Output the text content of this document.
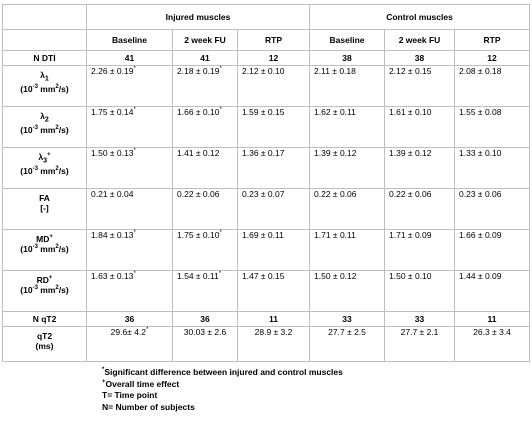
	Injured muscles			Control muscles		
	Baseline	2 week FU	RTP	Baseline	2 week FU	RTP
N DTI	41	41	12	38	38	12
$\lambda_1$
($10^{-3}$ $mm^2/s$)	2.26 ± 0.19*	2.18 ± 0.19*	2.12 ± 0.10	2.11 ± 0.18	2.12 ± 0.15	2.08 ± 0.18
$\lambda_2$
($10^{-3}$ $mm^2/s$)	1.75 ± 0.14*	1.66 ± 0.10*	1.59 ± 0.15	1.62 ± 0.11	1.61 ± 0.10	1.55 ± 0.08
$\lambda_3^+$
($10^{-3}$ $mm^2/s$)	1.50 ± 0.13*	1.41 ± 0.12	1.36 ± 0.17	1.39 ± 0.12	1.39 ± 0.12	1.33 ± 0.10
FA
[-]	0.21 ± 0.04	0.22 ± 0.06	0.23 ± 0.07	0.22 ± 0.06	0.22 ± 0.06	0.23 ± 0.06
MD+
($10^{-3}$ $mm^2/s$)	1.84 ± 0.13*	1.75 ± 0.10*	1.69 ± 0.11	1.71 ± 0.11	1.71 ± 0.09	1.66 ± 0.09
RD+
($10^{-3}$ $mm^2/s$)	1.63 ± 0.13*	1.54 ± 0.11*	1.47 ± 0.15	1.50 ± 0.12	1.50 ± 0.10	1.44 ± 0.09
N qT2	36	36	11	33	33	11
qT2
(ms)	29.6± 4.2*	30.03 ± 2.6	28.9 ± 3.2	27.7 ± 2.5	27.7 ± 2.1	26.3 ± 3.4
*Significant difference between injured and control muscles
+Overall time effect
T= Time point
N= Number of subjects
